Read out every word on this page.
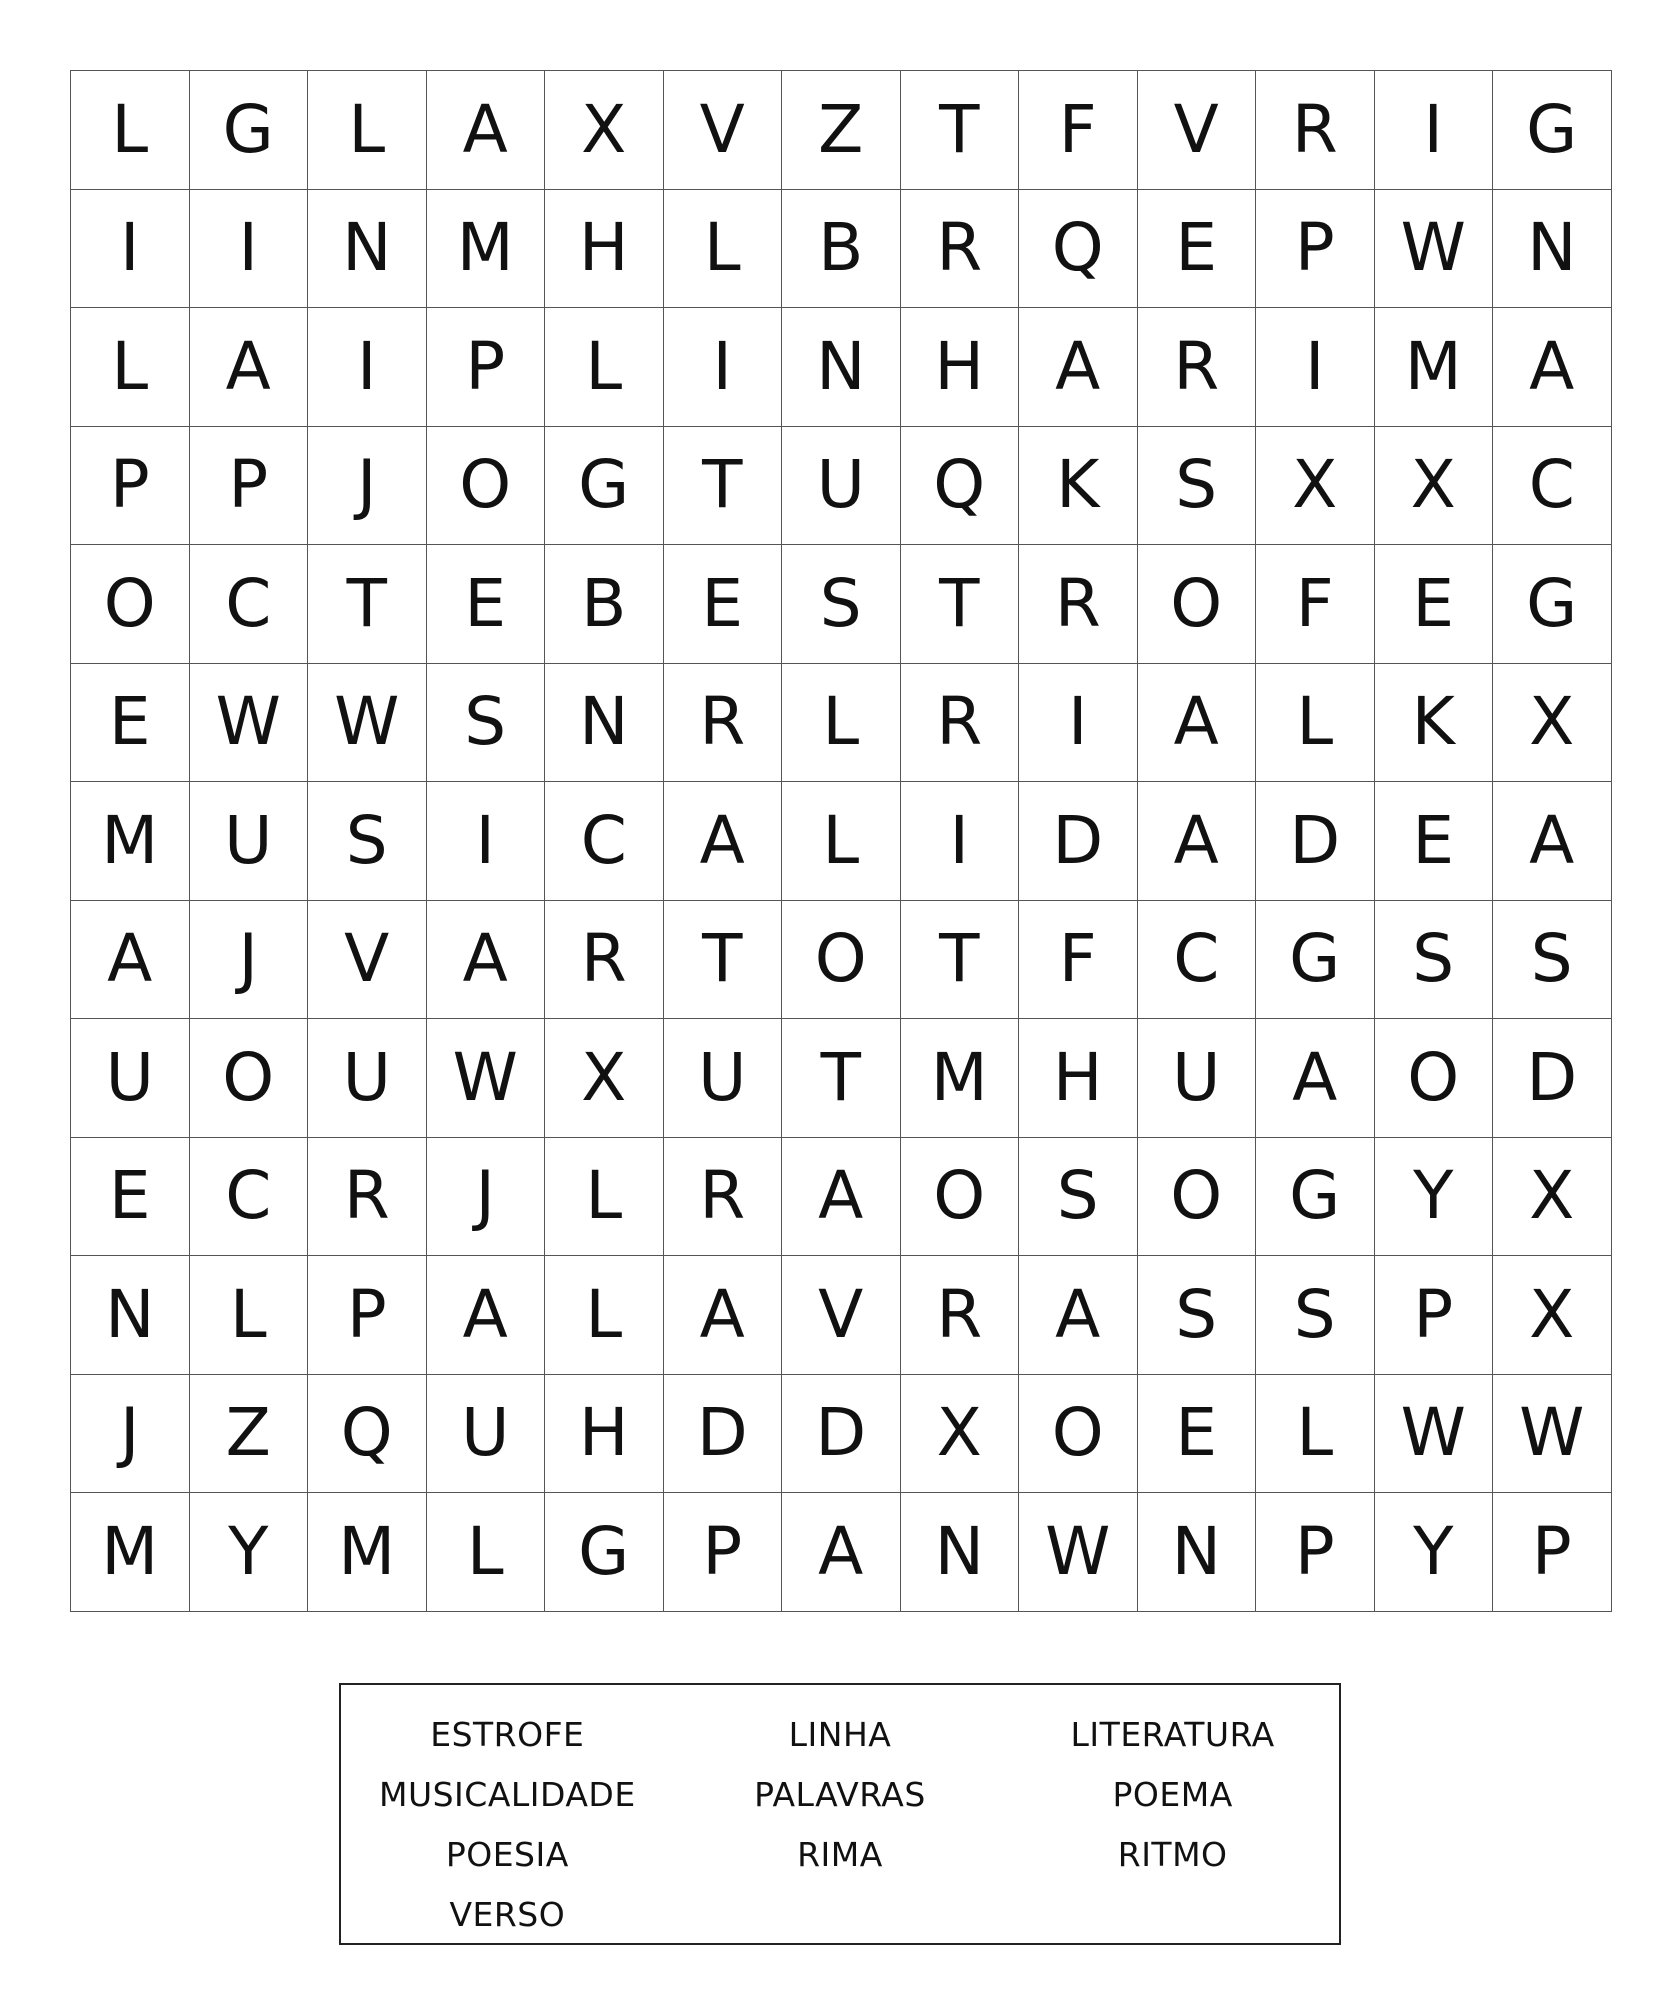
L	G	L	A	X	V	Z	T	F	V	R	I	G
I	I	N M H	L	B	R	Q	E	P W N
L	A	I	P	L	I	N	H	A	R	I	M	A
P	P	J	O	G	T	U	Q	K	S	X	X	C
O	C	T	E	B	E	S	T	R	O	F	E	G
E W W S	N	R	L	R	I	A	L	K	X
M U	S	I	C	A	L	I	D	A	D	E	A
A	J	V	A	R	T	O	T	F	C	G	S	S
U	O	U W X	U	T	M H	U	A	O	D
E	C	R	J	L	R	A	O	S	O	G	Y	X
N	L	P	A	L	A	V	R	A	S	S	P	X
J	Z	Q	U	H	D	D	X	O	E	L	W W
M	Y	M	L	G	P	A	N W N	P	Y	P
ESTROFE	LINHA	LITERATURA
MUSICALIDADE	PALAVRAS	POEMA
POESIA	RIMA	RITMO
VERSO
